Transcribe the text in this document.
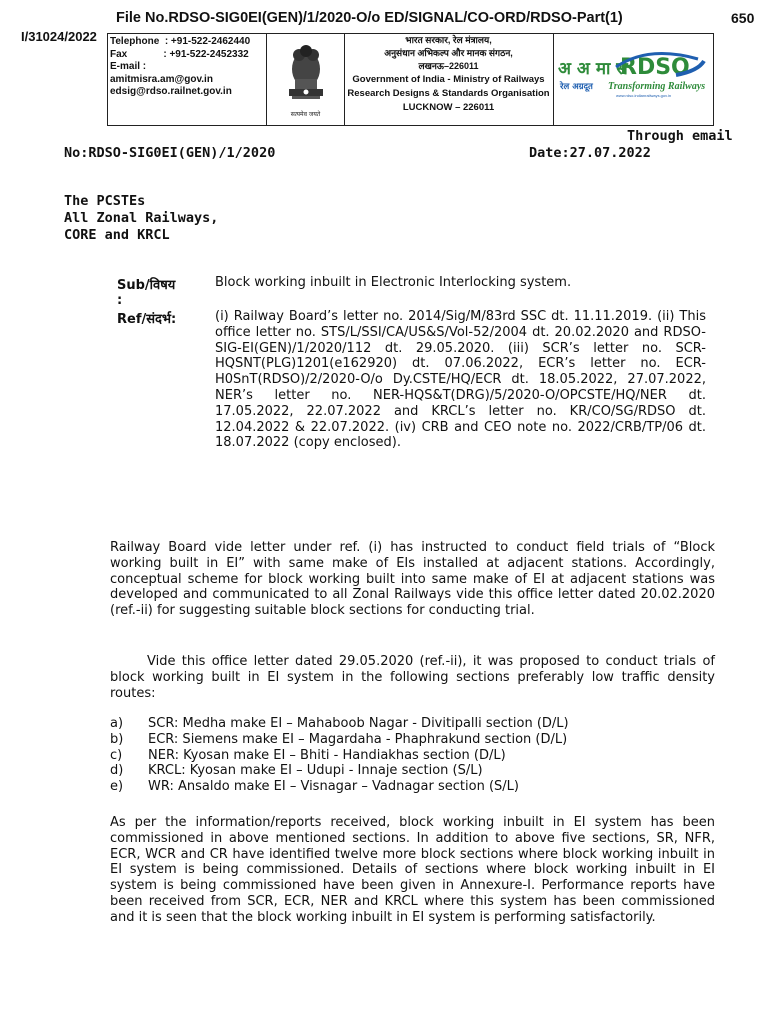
File No.RDSO-SIG0EI(GEN)/1/2020-O/o ED/SIGNAL/CO-ORD/RDSO-Part(1)	650
I/31024/2022 Telephone  : +91-522-2462440
Fax             : +91-522-2452332
E-mail :
amitmisra.am@gov.in
edsig@rdso.railnet.gov.in
सत्यमेव जयते
भारत सरकार, रेल मंत्रालय,
अनुसंधान अभिकल्प और मानक संगठन,
लखनऊ–226011
Government of India - Ministry of Railways
Research Designs & Standards Organisation
LUCKNOW – 226011
अ अ मा सं
RDSO
रेल अग्रदूत Transforming Railways
www.rdso.indianrailways.gov.in
Through email
No:RDSO-SIG0EI(GEN)/1/2020	Date:27.07.2022
The PCSTEs
All Zonal Railways,
CORE and KRCL
Sub/विषय
:
Block working inbuilt in Electronic Interlocking system.
Ref/संदर्भ:	(i) Railway Board’s letter no. 2014/Sig/M/83rd SSC dt. 11.11.2019. (ii) This office letter no. STS/L/SSI/CA/US&S/Vol-52/2004 dt. 20.02.2020 and RDSO-SIG-EI(GEN)/1/2020/112 dt. 29.05.2020. (iii) SCR’s letter no. SCR-HQSNT(PLG)1201(e162920) dt. 07.06.2022, ECR’s letter no. ECR-H0SnT(RDSO)/2/2020-O/o Dy.CSTE/HQ/ECR dt. 18.05.2022, 27.07.2022, NER’s letter no. NER-HQS&T(DRG)/5/2020-O/OPCSTE/HQ/NER dt. 17.05.2022, 22.07.2022 and KRCL’s letter no. KR/CO/SG/RDSO dt. 12.04.2022 & 22.07.2022. (iv) CRB and CEO note no. 2022/CRB/TP/06 dt. 18.07.2022 (copy enclosed).
Railway Board vide letter under ref. (i) has instructed to conduct field trials of “Block working built in EI” with same make of EIs installed at adjacent stations. Accordingly, conceptual scheme for block working built into same make of EI at adjacent stations was developed and communicated to all Zonal Railways vide this office letter dated 20.02.2020 (ref.-ii) for suggesting suitable block sections for conducting trial.
Vide this office letter dated 29.05.2020 (ref.-ii), it was proposed to conduct trials of block working built in EI system in the following sections preferably low traffic density routes:
a)	SCR: Medha make EI – Mahaboob Nagar - Divitipalli section (D/L)
b)	ECR: Siemens make EI – Magardaha - Phaphrakund section (D/L)
c)	NER: Kyosan make EI – Bhiti - Handiakhas section (D/L)
d)	KRCL: Kyosan make EI – Udupi - Innaje section (S/L)
e)	WR: Ansaldo make EI – Visnagar – Vadnagar section (S/L)
As per the information/reports received, block working inbuilt in EI system has been commissioned in above mentioned sections. In addition to above five sections, SR, NFR, ECR, WCR and CR have identified twelve more block sections where block working inbuilt in EI system is being commissioned. Details of sections where block working inbuilt in EI system is being commissioned have been given in Annexure-I. Performance reports have been received from SCR, ECR, NER and KRCL where this system has been commissioned and it is seen that the block working inbuilt in EI system is performing satisfactorily.
